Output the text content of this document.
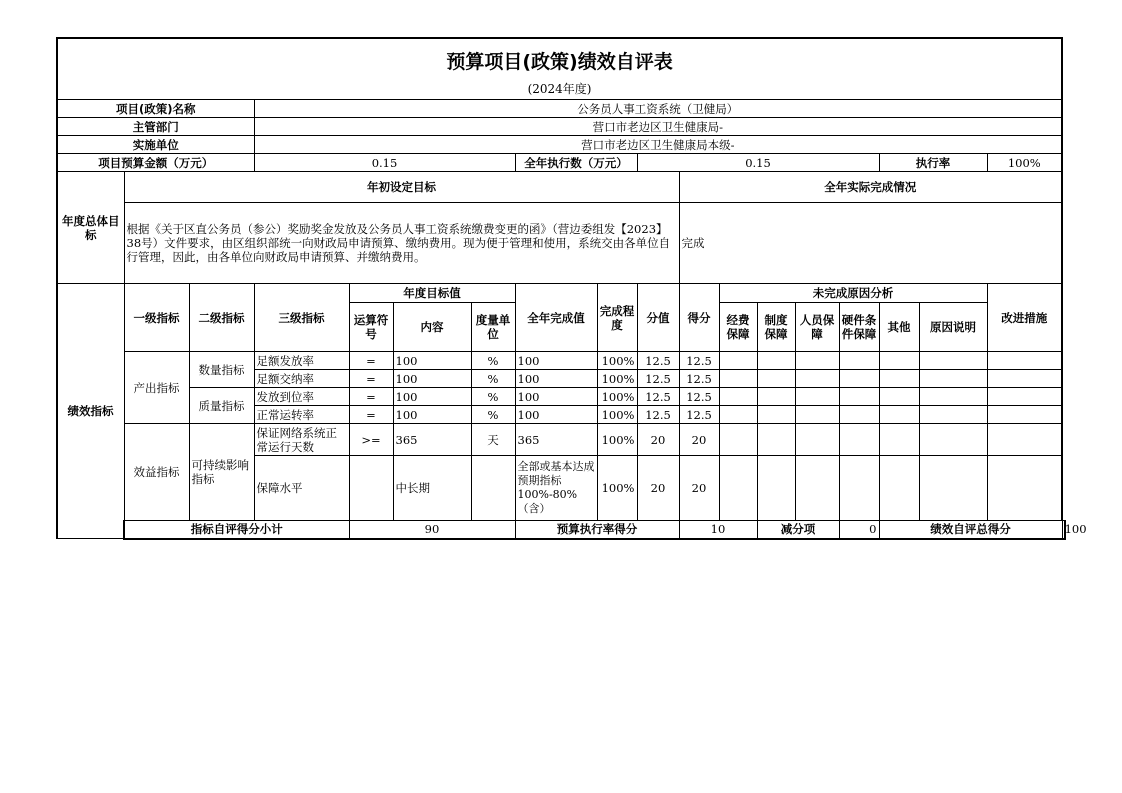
预算项目(政策)绩效自评表																		
(2024年度)																		
项目(政策)名称			公务员人事工资系统（卫健局）															
主管部门			营口市老边区卫生健康局-															
实施单位			营口市老边区卫生健康局本级-															
项目预算金额（万元）			0.15				全年执行数（万元）		0.15						执行率		100%	
年度总体目标	年初设定目标									全年实际完成情况								
	根据《关于区直公务员（参公）奖励奖金发放及公务员人事工资系统缴费变更的函》（营边委组发【2023】38号）文件要求，由区组织部统一向财政局申请预算、缴纳费用。现为便于管理和使用，系统交由各单位自行管理，因此，由各单位向财政局申请预算、并缴纳费用。									完成								
绩效指标	一级指标	二级指标	三级指标	年度目标值			全年完成值	完成程度	分值	得分	未完成原因分析						改进措施	
				运算符号	内容	度量单位					经费保障	制度保障	人员保障	硬件条件保障	其他	原因说明		
	产出指标	数量指标	足额发放率	=	100	%	100	100%	12.5	12.5								
			足额交纳率	=	100	%	100	100%	12.5	12.5								
		质量指标	发放到位率	=	100	%	100	100%	12.5	12.5								
			正常运转率	=	100	%	100	100%	12.5	12.5								
	效益指标	可持续影响指标	保证网络系统正常运行天数	>=	365	天	365	100%	20	20								
			保障水平		中长期		全部或基本达成预期指标100%-80%（含）	100%	20	20								
	指标自评得分小计			90			预算执行率得分			10		减分项		0	绩效自评总得分			100
